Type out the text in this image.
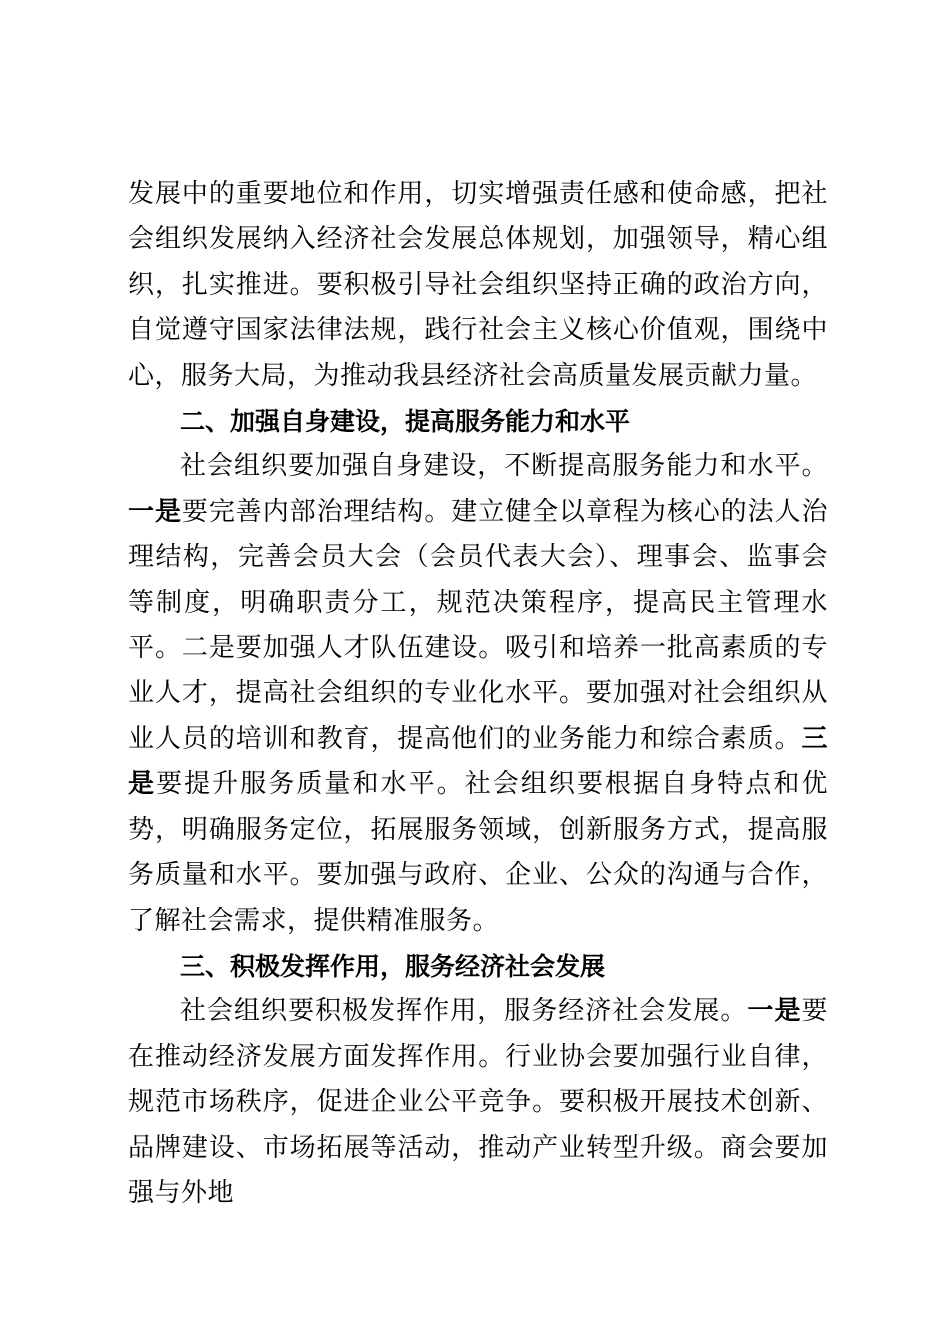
发展中的重要地位和作用，切实增强责任感和使命感，把社会组织发展纳入经济社会发展总体规划，加强领导，精心组织，扎实推进。要积极引导社会组织坚持正确的政治方向，自觉遵守国家法律法规，践行社会主义核心价值观，围绕中心，服务大局，为推动我县经济社会高质量发展贡献力量。

二、加强自身建设，提高服务能力和水平

社会组织要加强自身建设，不断提高服务能力和水平。一是要完善内部治理结构。建立健全以章程为核心的法人治理结构，完善会员大会（会员代表大会）、理事会、监事会等制度，明确职责分工，规范决策程序，提高民主管理水平。二是要加强人才队伍建设。吸引和培养一批高素质的专业人才，提高社会组织的专业化水平。要加强对社会组织从业人员的培训和教育，提高他们的业务能力和综合素质。三是要提升服务质量和水平。社会组织要根据自身特点和优势，明确服务定位，拓展服务领域，创新服务方式，提高服务质量和水平。要加强与政府、企业、公众的沟通与合作，了解社会需求，提供精准服务。

三、积极发挥作用，服务经济社会发展

社会组织要积极发挥作用，服务经济社会发展。一是要在推动经济发展方面发挥作用。行业协会要加强行业自律，规范市场秩序，促进企业公平竞争。要积极开展技术创新、品牌建设、市场拓展等活动，推动产业转型升级。商会要加强与外地
